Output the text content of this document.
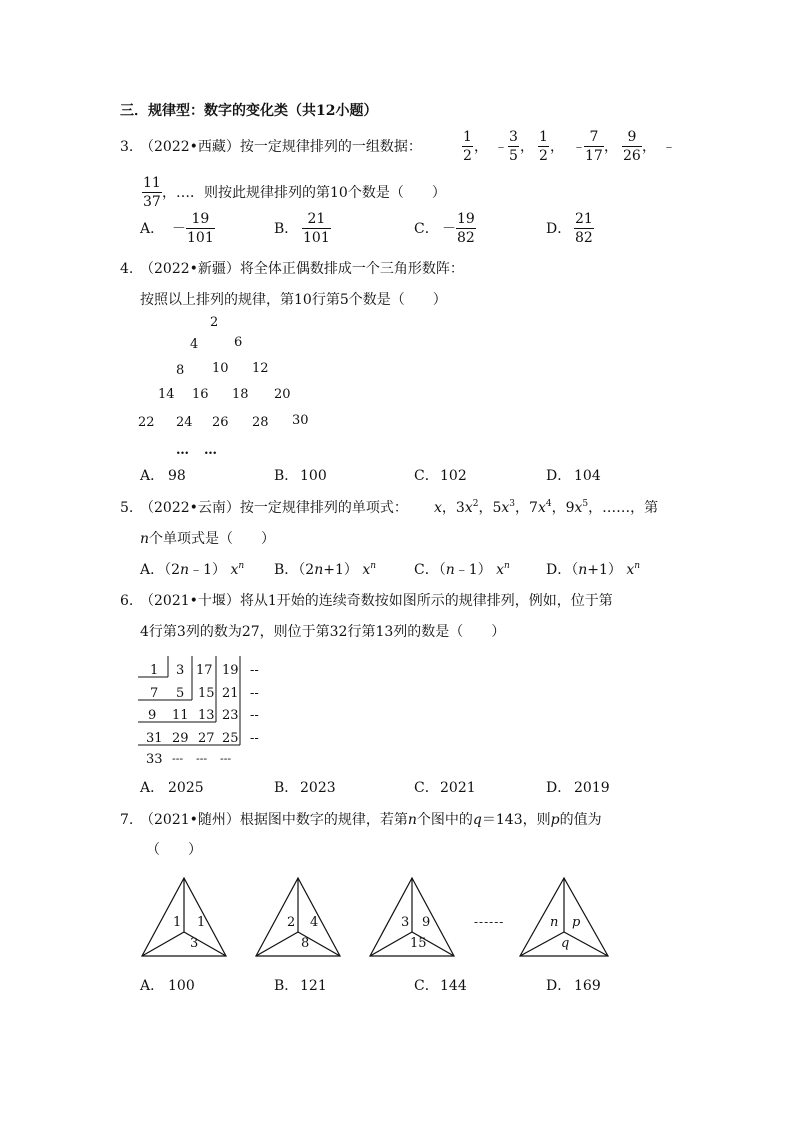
三．规律型：数字的变化类（共12小题）
3. （2022•西藏）按一定规律排列的一组数据：
1
2
， ﹣
3
5
，
1
2
， ﹣
7
17
，
9
26
， ﹣
11
37
，…．则按此规律排列的第10个数是（　　）
A． －
19
101
B．
21
101
C． －
19
82
D．
21
82
4. （2022•新疆）将全体正偶数排成一个三角形数阵：
按照以上排列的规律，第10行第5个数是（　　）
2
4	6
8 10 12
14 16 18 20
22 24 26 28 30
…　…
A． 98	B． 100	C． 102	D． 104
5. （2022•云南）按一定规律排列的单项式： x，$3x^2$，$5x^3$，$7x^4$，$9x^5$，……，第
n个单项式是（　　）
A．（2n﹣1） $x^n$ B．（2n+1） $x^n$	C．（n﹣1） $x^n$	D．（n+1） $x^n$
6. （2021•十堰）将从1开始的连续奇数按如图所示的规律排列，例如，位于第
4行第3列的数为27，则位于第32行第13列的数是（　　）
1 3 17 19 --
7 5 15 21 --
9 11 13 23 --
31 29 27 25 --
33 --- --- ---
A． 2025	B． 2023	C． 2021	D． 2019
7. （2021•随州）根据图中数字的规律，若第n个图中的q＝143，则p的值为
（　　）
1 1
3
2 4
8
3 9
15
------	n p
q
A． 100	B． 121	C． 144	D． 169
